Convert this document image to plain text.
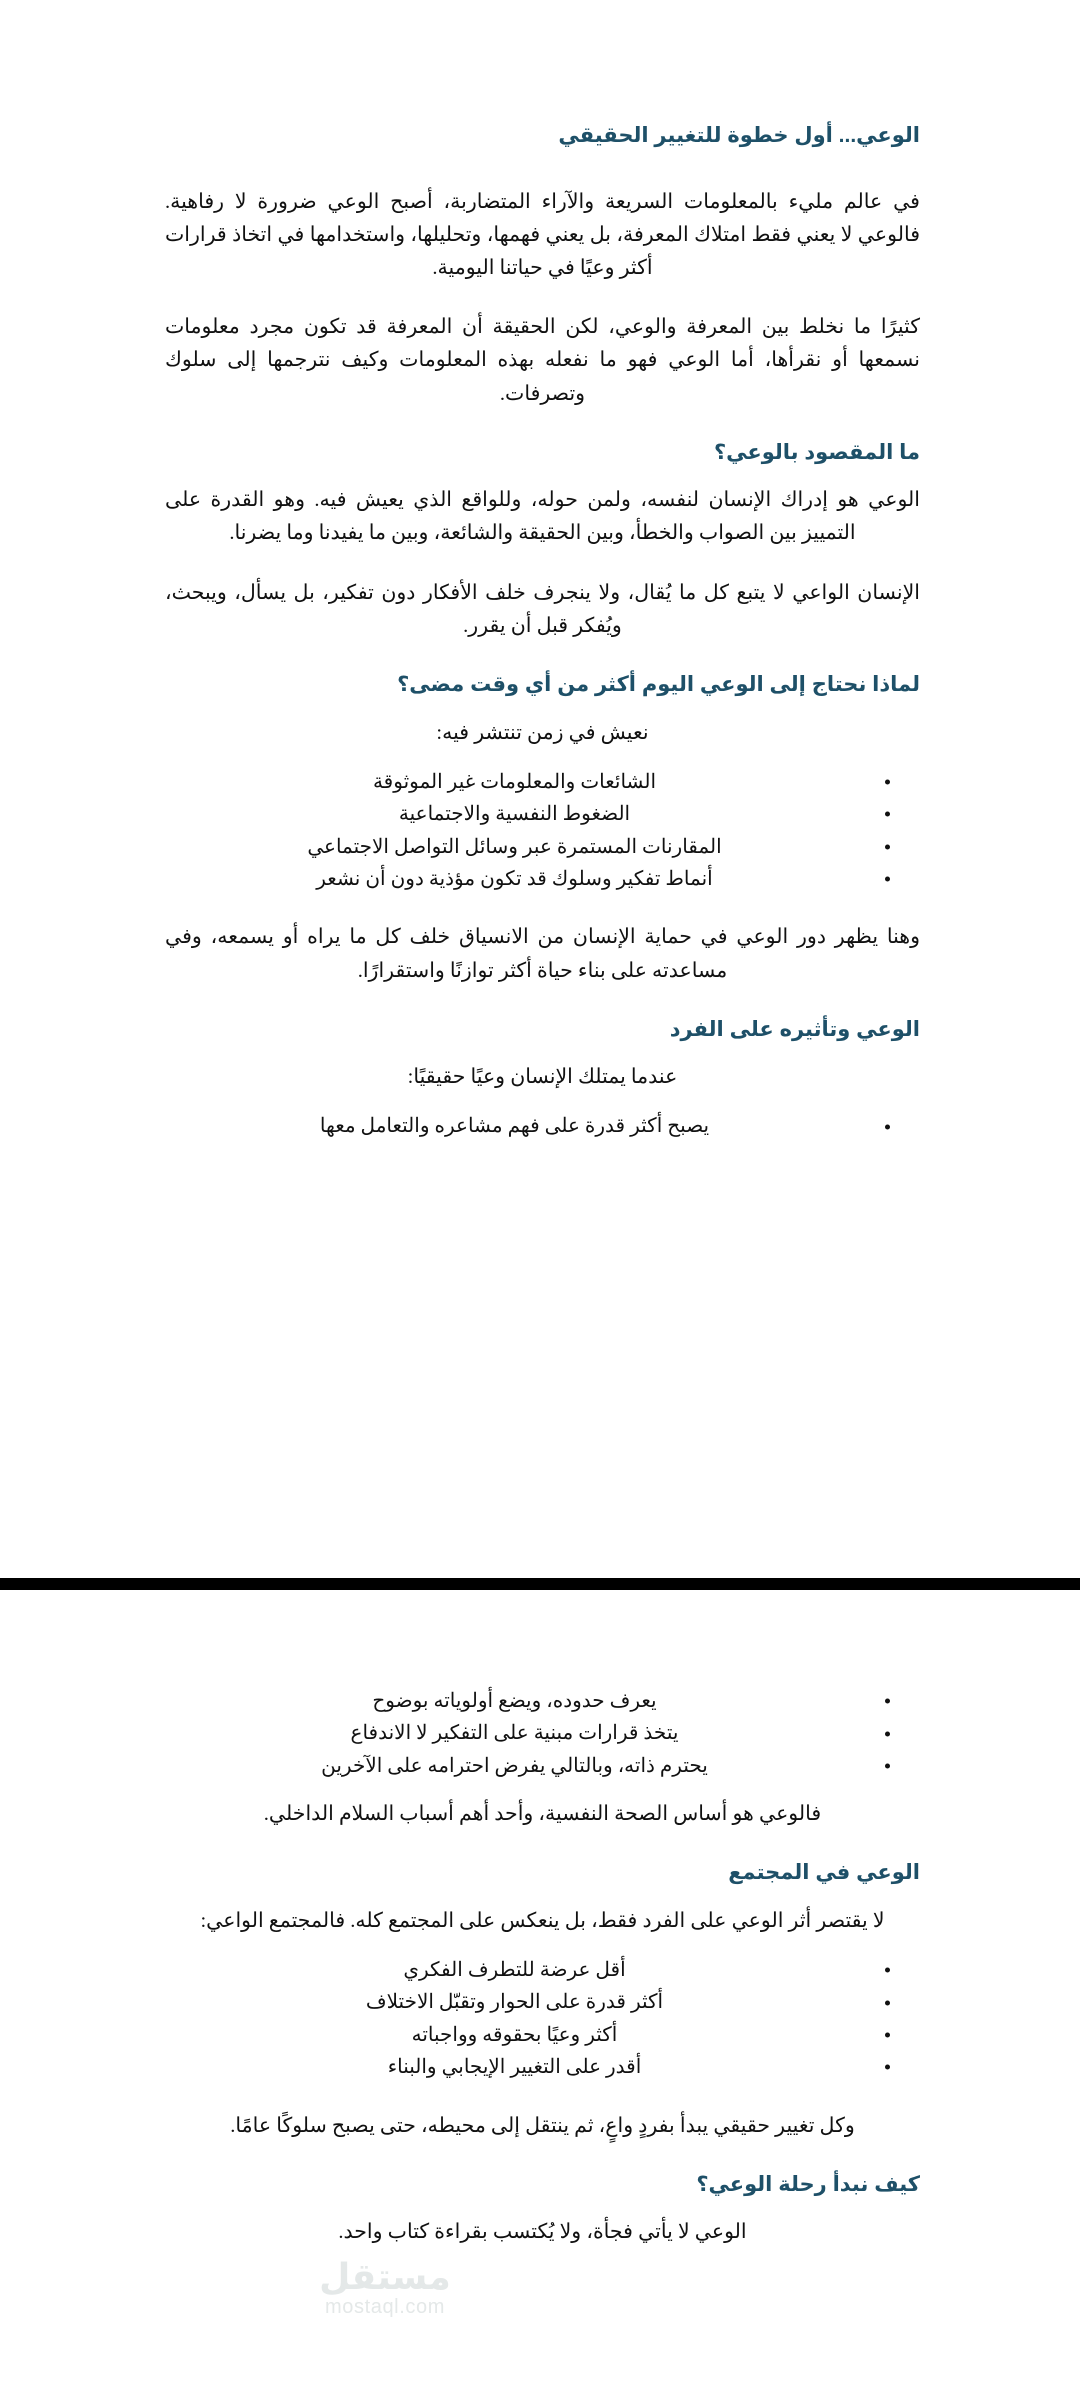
الوعي... أول خطوة للتغيير الحقيقي

في عالم مليء بالمعلومات السريعة والآراء المتضاربة، أصبح الوعي ضرورة لا رفاهية. فالوعي لا يعني فقط امتلاك المعرفة، بل يعني فهمها، وتحليلها، واستخدامها في اتخاذ قرارات أكثر وعيًا في حياتنا اليومية.

كثيرًا ما نخلط بين المعرفة والوعي، لكن الحقيقة أن المعرفة قد تكون مجرد معلومات نسمعها أو نقرأها، أما الوعي فهو ما نفعله بهذه المعلومات وكيف نترجمها إلى سلوك وتصرفات.

ما المقصود بالوعي؟

الوعي هو إدراك الإنسان لنفسه، ولمن حوله، وللواقع الذي يعيش فيه. وهو القدرة على التمييز بين الصواب والخطأ، وبين الحقيقة والشائعة، وبين ما يفيدنا وما يضرنا.

الإنسان الواعي لا يتبع كل ما يُقال، ولا ينجرف خلف الأفكار دون تفكير، بل يسأل، ويبحث، ويُفكر قبل أن يقرر.

لماذا نحتاج إلى الوعي اليوم أكثر من أي وقت مضى؟

نعيش في زمن تنتشر فيه:

الشائعات والمعلومات غير الموثوقة
الضغوط النفسية والاجتماعية
المقارنات المستمرة عبر وسائل التواصل الاجتماعي
أنماط تفكير وسلوك قد تكون مؤذية دون أن نشعر

وهنا يظهر دور الوعي في حماية الإنسان من الانسياق خلف كل ما يراه أو يسمعه، وفي مساعدته على بناء حياة أكثر توازنًا واستقرارًا.

الوعي وتأثيره على الفرد

عندما يمتلك الإنسان وعيًا حقيقيًا:

يصبح أكثر قدرة على فهم مشاعره والتعامل معها
يعرف حدوده، ويضع أولوياته بوضوح
يتخذ قرارات مبنية على التفكير لا الاندفاع
يحترم ذاته، وبالتالي يفرض احترامه على الآخرين

فالوعي هو أساس الصحة النفسية، وأحد أهم أسباب السلام الداخلي.

الوعي في المجتمع

لا يقتصر أثر الوعي على الفرد فقط، بل ينعكس على المجتمع كله. فالمجتمع الواعي:

أقل عرضة للتطرف الفكري
أكثر قدرة على الحوار وتقبّل الاختلاف
أكثر وعيًا بحقوقه وواجباته
أقدر على التغيير الإيجابي والبناء

وكل تغيير حقيقي يبدأ بفردٍ واعٍ، ثم ينتقل إلى محيطه، حتى يصبح سلوكًا عامًا.

كيف نبدأ رحلة الوعي؟

الوعي لا يأتي فجأة، ولا يُكتسب بقراءة كتاب واحد.

مستقل
mostaql.com
